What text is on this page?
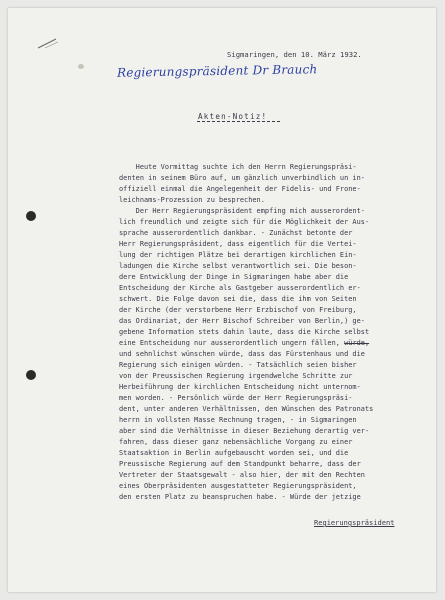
Sigmaringen, den 10. März 1932.
Regierungspräsident Dr Brauch
Akten-Notiz!
Heute Vormittag suchte ich den Herrn Regierungspräsi-
denten in seinem Büro auf, um gänzlich unverbindlich un in-
offiziell einmal die Angelegenheit der Fidelis- und Frone-
leichnams-Prozession zu besprechen.
Der Herr Regierungspräsident empfing mich ausserordent-
lich freundlich und zeigte sich für die Möglichkeit der Aus-
sprache ausserordentlich dankbar. - Zunächst betonte der
Herr Regierungspräsident, dass eigentlich für die Vertei-
lung der richtigen Plätze bei derartigen kirchlichen Ein-
ladungen die Kirche selbst verantwortlich sei. Die beson-
dere Entwicklung der Dinge in Sigmaringen habe aber die
Entscheidung der Kirche als Gastgeber ausserordentlich er-
schwert. Die Folge davon sei die, dass die ihm von Seiten
der Kirche (der verstorbene Herr Erzbischof von Freiburg,
das Ordinariat, der Herr Bischof Schreiber von Berlin,) ge-
gebene Information stets dahin laute, dass die Kirche selbst
eine Entscheidung nur ausserordentlich ungern fällen, würde,
und sehnlichst wünschen würde, dass das Fürstenhaus und die
Regierung sich einigen würden. - Tatsächlich seien bisher
von der Preussischen Regierung irgendwelche Schritte zur
Herbeiführung der kirchlichen Entscheidung nicht unternom-
men worden. - Persönlich würde der Herr Regierungspräsi-
dent, unter anderen Verhältnissen, den Wünschen des Patronats
herrn in vollsten Masse Rechnung tragen, - in Sigmaringen
aber sind die Verhältnisse in dieser Beziehung derartig ver-
fahren, dass dieser ganz nebensächliche Vorgang zu einer
Staatsaktion in Berlin aufgebauscht worden sei, und die
Preussische Regierung auf dem Standpunkt beharre, dass der
Vertreter der Staatsgewalt - also hier, der mit den Rechten
eines Oberpräsidenten ausgestatteter Regierungspräsident,
den ersten Platz zu beanspruchen habe. - Würde der jetzige
Regierungspräsident
